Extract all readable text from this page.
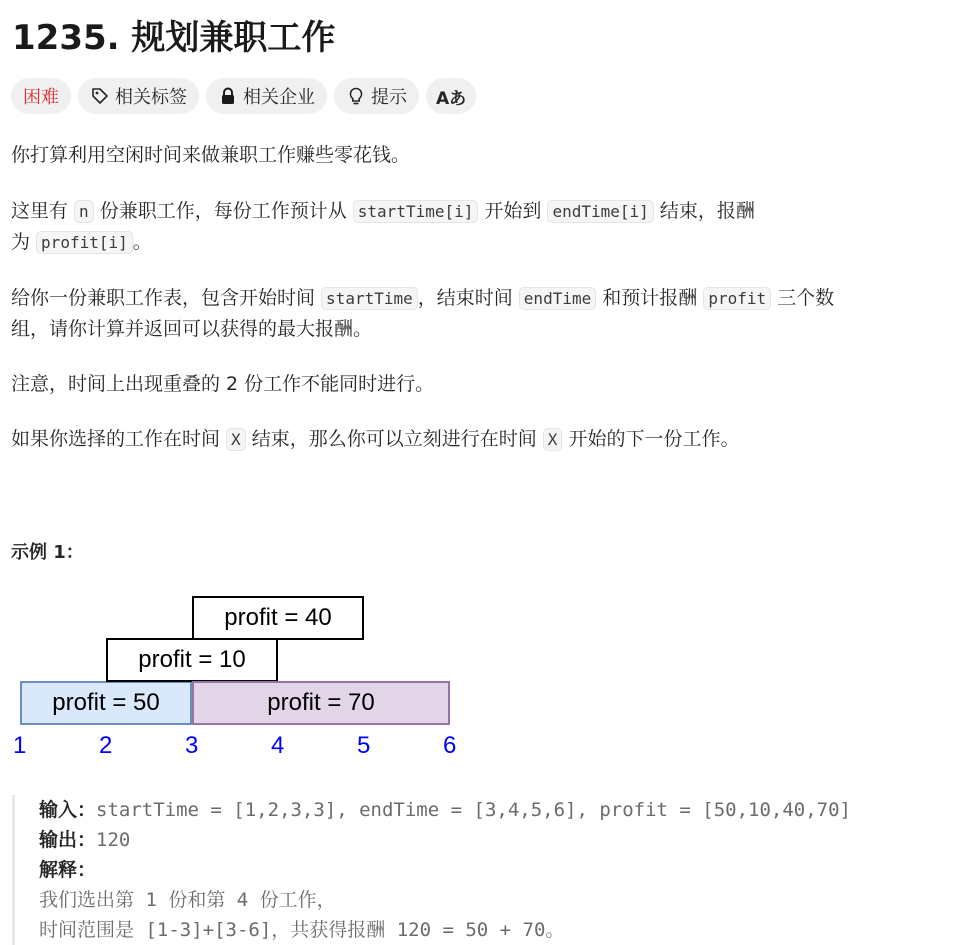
1235. 规划兼职工作
困难	相关标签	相关企业	提示 Aあ

你打算利用空闲时间来做兼职工作赚些零花钱。

这里有 n 份兼职工作，每份工作预计从 startTime[i] 开始到 endTime[i] 结束，报酬
为 profit[i] 。

给你一份兼职工作表，包含开始时间 startTime ，结束时间 endTime 和预计报酬 profit 三个数
组，请你计算并返回可以获得的最大报酬。

注意，时间上出现重叠的 2 份工作不能同时进行。

如果你选择的工作在时间 X 结束，那么你可以立刻进行在时间 X 开始的下一份工作。

示例 1：
profit = 50
profit = 10
profit = 40
profit = 70
1	2	3	4	5	6
输入：startTime = [1,2,3,3], endTime = [3,4,5,6], profit = [50,10,40,70]
输出：120
解释：
我们选出第 1 份和第 4 份工作，
时间范围是 [1-3]+[3-6]，共获得报酬 120 = 50 + 70。
